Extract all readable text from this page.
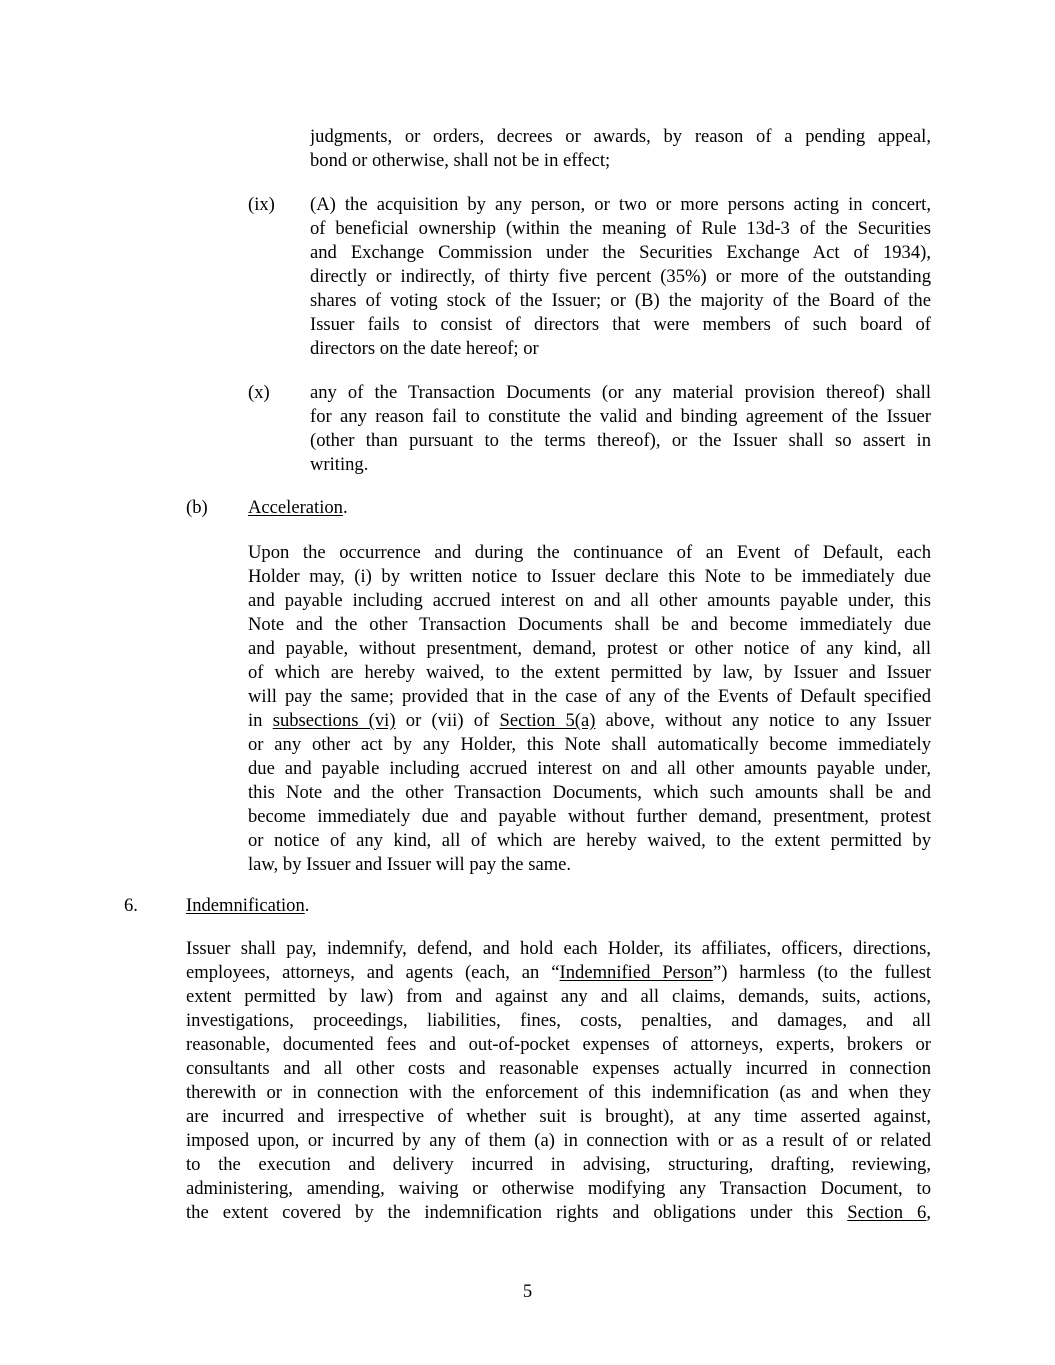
judgments, or orders, decrees or awards, by reason of a pending appeal,
bond or otherwise, shall not be in effect;
(ix) (A) the acquisition by any person, or two or more persons acting in concert,
of beneficial ownership (within the meaning of Rule 13d-3 of the Securities
and Exchange Commission under the Securities Exchange Act of 1934),
directly or indirectly, of thirty five percent (35%) or more of the outstanding
shares of voting stock of the Issuer; or (B) the majority of the Board of the
Issuer fails to consist of directors that were members of such board of
directors on the date hereof; or
(x) any of the Transaction Documents (or any material provision thereof) shall
for any reason fail to constitute the valid and binding agreement of the Issuer
(other than pursuant to the terms thereof), or the Issuer shall so assert in
writing.
(b) Acceleration.
Upon the occurrence and during the continuance of an Event of Default, each
Holder may, (i) by written notice to Issuer declare this Note to be immediately due
and payable including accrued interest on and all other amounts payable under, this
Note and the other Transaction Documents shall be and become immediately due
and payable, without presentment, demand, protest or other notice of any kind, all
of which are hereby waived, to the extent permitted by law, by Issuer and Issuer
will pay the same; provided that in the case of any of the Events of Default specified
in subsections (vi) or (vii) of Section 5(a) above, without any notice to any Issuer
or any other act by any Holder, this Note shall automatically become immediately
due and payable including accrued interest on and all other amounts payable under,
this Note and the other Transaction Documents, which such amounts shall be and
become immediately due and payable without further demand, presentment, protest
or notice of any kind, all of which are hereby waived, to the extent permitted by
law, by Issuer and Issuer will pay the same.
6.	Indemnification.
Issuer shall pay, indemnify, defend, and hold each Holder, its affiliates, officers, directions,
employees, attorneys, and agents (each, an “Indemnified Person”) harmless (to the fullest
extent permitted by law) from and against any and all claims, demands, suits, actions,
investigations, proceedings, liabilities, fines, costs, penalties, and damages, and all
reasonable, documented fees and out-of-pocket expenses of attorneys, experts, brokers or
consultants and all other costs and reasonable expenses actually incurred in connection
therewith or in connection with the enforcement of this indemnification (as and when they
are incurred and irrespective of whether suit is brought), at any time asserted against,
imposed upon, or incurred by any of them (a) in connection with or as a result of or related
to the execution and delivery incurred in advising, structuring, drafting, reviewing,
administering, amending, waiving or otherwise modifying any Transaction Document, to
the extent covered by the indemnification rights and obligations under this Section 6,
5
